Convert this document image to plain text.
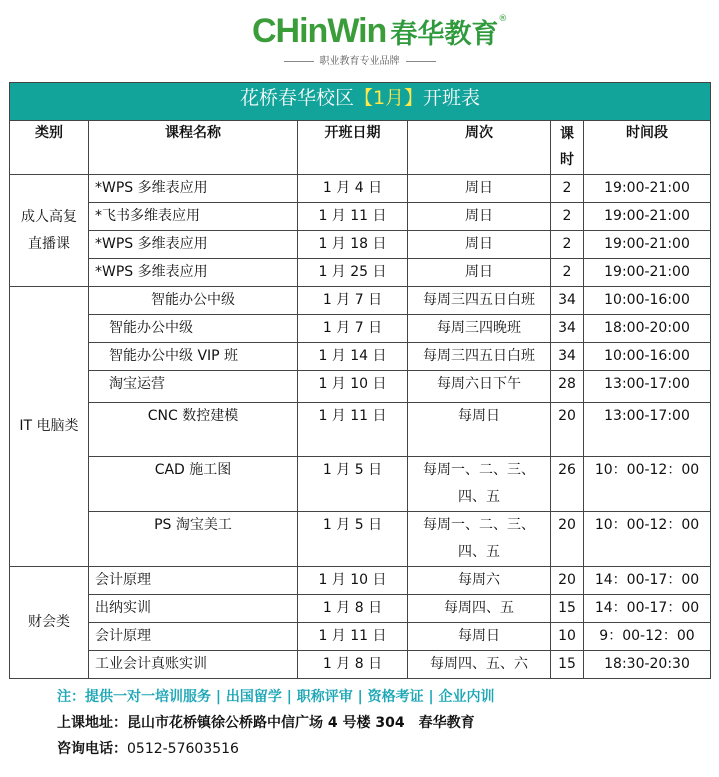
CHinWin 春华教育 ®
职业教育专业品牌
花桥春华校区【1月】开班表					
类别	课程名称	开班日期	周次	课时	时间段
成人高复直播课	*WPS 多维表应用	1 月 4 日	周日	2	19:00-21:00
	*飞书多维表应用	1 月 11 日	周日	2	19:00-21:00
	*WPS 多维表应用	1 月 18 日	周日	2	19:00-21:00
	*WPS 多维表应用	1 月 25 日	周日	2	19:00-21:00
IT 电脑类	智能办公中级	1 月 7 日	每周三四五日白班	34	10:00-16:00
	智能办公中级	1 月 7 日	每周三四晚班	34	18:00-20:00
	智能办公中级 VIP 班	1 月 14 日	每周三四五日白班	34	10:00-16:00
	淘宝运营	1 月 10 日	每周六日下午	28	13:00-17:00
	CNC 数控建模	1 月 11 日	每周日	20	13:00-17:00
	CAD 施工图	1 月 5 日	每周一、二、三、四、五	26	10：00-12：00
	PS 淘宝美工	1 月 5 日	每周一、二、三、四、五	20	10：00-12：00
财会类	会计原理	1 月 10 日	每周六	20	14：00-17：00
	出纳实训	1 月 8 日	每周四、五	15	14：00-17：00
	会计原理	1 月 11 日	每周日	10	9：00-12：00
	工业会计真账实训	1 月 8 日	每周四、五、六	15	18:30-20:30
注：提供一对一培训服务 | 出国留学 | 职称评审 | 资格考证 | 企业内训
上课地址：昆山市花桥镇徐公桥路中信广场 4 号楼 304　春华教育
咨询电话：0512-57603516
